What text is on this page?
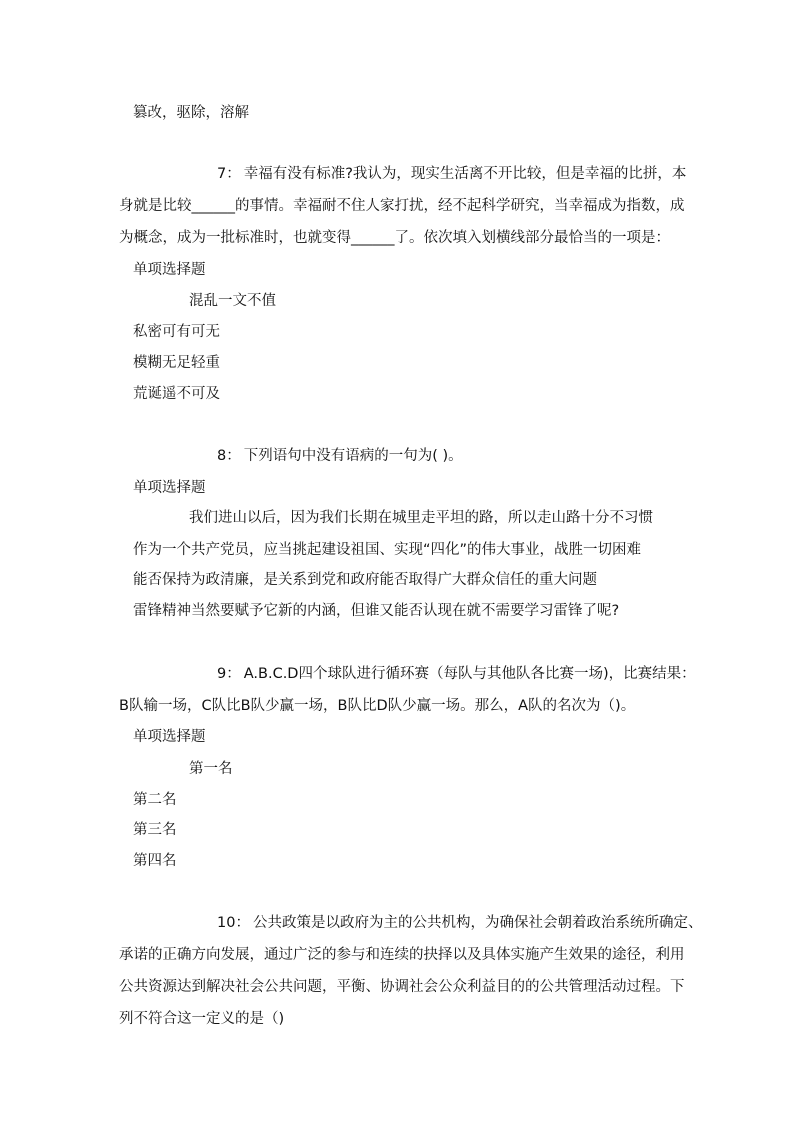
篡改，驱除，溶解
7： 幸福有没有标准?我认为，现实生活离不开比较，但是幸福的比拼，本
身就是比较______的事情。幸福耐不住人家打扰，经不起科学研究，当幸福成为指数，成
为概念，成为一批标准时，也就变得______了。依次填入划横线部分最恰当的一项是：
单项选择题
混乱一文不值
私密可有可无
模糊无足轻重
荒诞遥不可及
8： 下列语句中没有语病的一句为( )。
单项选择题
我们进山以后，因为我们长期在城里走平坦的路，所以走山路十分不习惯
作为一个共产党员，应当挑起建设祖国、实现“四化”的伟大事业，战胜一切困难
能否保持为政清廉，是关系到党和政府能否取得广大群众信任的重大问题
雷锋精神当然要赋予它新的内涵，但谁又能否认现在就不需要学习雷锋了呢?
9： A.B.C.D四个球队进行循环赛（每队与其他队各比赛一场)，比赛结果：
B队输一场，C队比B队少赢一场，B队比D队少赢一场。那么，A队的名次为（)。
单项选择题
第一名
第二名
第三名
第四名
10： 公共政策是以政府为主的公共机构，为确保社会朝着政治系统所确定、
承诺的正确方向发展，通过广泛的参与和连续的抉择以及具体实施产生效果的途径，利用
公共资源达到解决社会公共问题，平衡、协调社会公众利益目的的公共管理活动过程。下
列不符合这一定义的是（)
